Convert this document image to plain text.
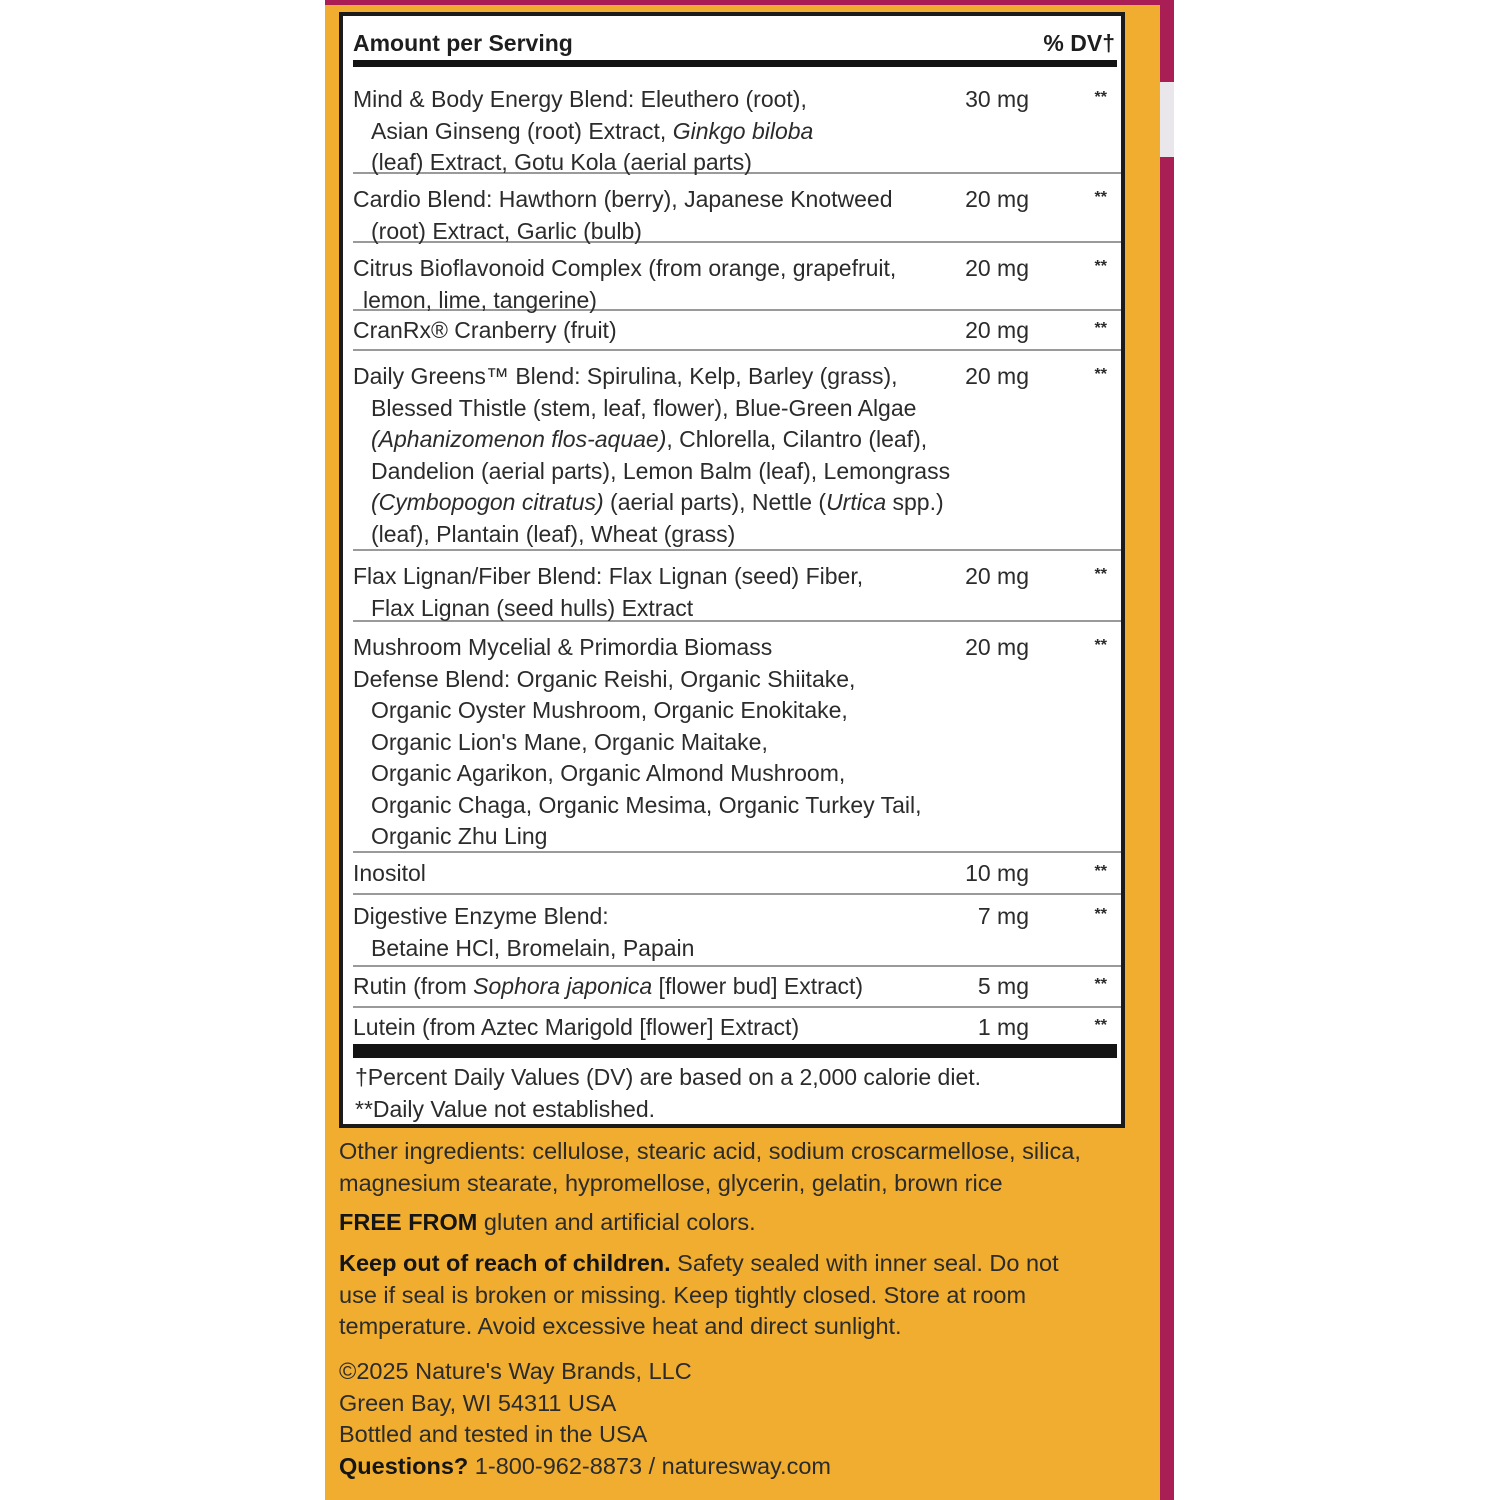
Amount per Serving	% DV†
Mind & Body Energy Blend: Eleuthero (root),
Asian Ginseng (root) Extract, Ginkgo biloba
(leaf) Extract, Gotu Kola (aerial parts)
30 mg	**
Cardio Blend: Hawthorn (berry), Japanese Knotweed
(root) Extract, Garlic (bulb)
20 mg	**
Citrus Bioflavonoid Complex (from orange, grapefruit,
lemon, lime, tangerine)
20 mg	**
CranRx® Cranberry (fruit)	20 mg	**
Daily Greens™ Blend: Spirulina, Kelp, Barley (grass),
Blessed Thistle (stem, leaf, flower), Blue-Green Algae
(Aphanizomenon flos-aquae), Chlorella, Cilantro (leaf),
Dandelion (aerial parts), Lemon Balm (leaf), Lemongrass
(Cymbopogon citratus) (aerial parts), Nettle (Urtica spp.)
(leaf), Plantain (leaf), Wheat (grass)
20 mg	**
Flax Lignan/Fiber Blend: Flax Lignan (seed) Fiber,
Flax Lignan (seed hulls) Extract
20 mg	**
Mushroom Mycelial & Primordia Biomass
Defense Blend: Organic Reishi, Organic Shiitake,
Organic Oyster Mushroom, Organic Enokitake,
Organic Lion's Mane, Organic Maitake,
Organic Agarikon, Organic Almond Mushroom,
Organic Chaga, Organic Mesima, Organic Turkey Tail,
Organic Zhu Ling
20 mg	**
Inositol	10 mg	**
Digestive Enzyme Blend:
Betaine HCl, Bromelain, Papain
7 mg	**
Rutin (from Sophora japonica [flower bud] Extract)	5 mg	**
Lutein (from Aztec Marigold [flower] Extract)	1 mg	**
†Percent Daily Values (DV) are based on a 2,000 calorie diet.
**Daily Value not established.
Other ingredients: cellulose, stearic acid, sodium croscarmellose, silica, magnesium stearate, hypromellose, glycerin, gelatin, brown rice
FREE FROM gluten and artificial colors.
Keep out of reach of children. Safety sealed with inner seal. Do not use if seal is broken or missing. Keep tightly closed. Store at room temperature. Avoid excessive heat and direct sunlight.
©2025 Nature's Way Brands, LLC
Green Bay, WI 54311 USA
Bottled and tested in the USA
Questions? 1-800-962-8873 / naturesway.com
